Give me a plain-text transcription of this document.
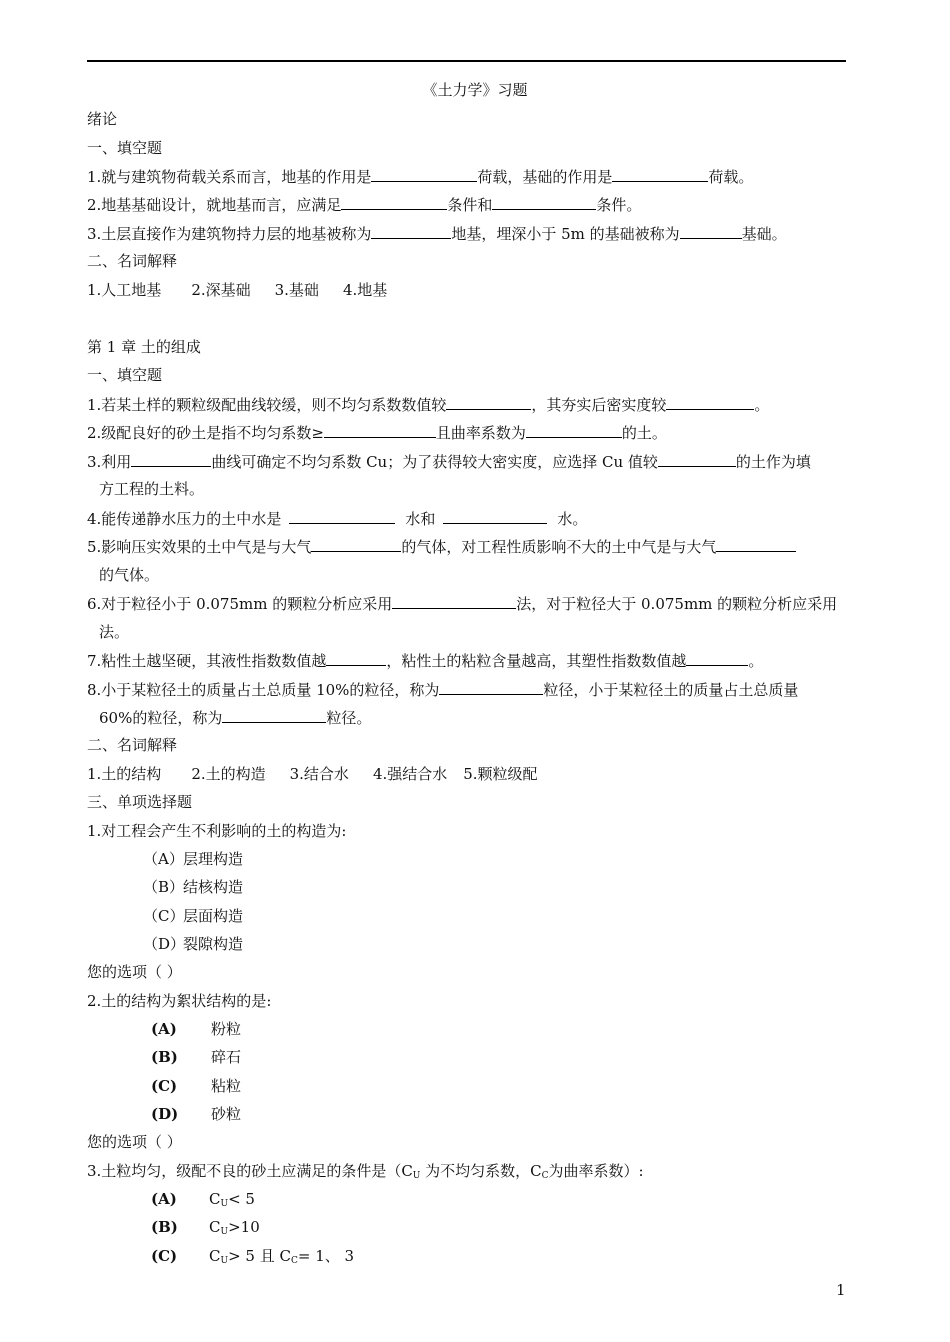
《土力学》习题
绪论
一、填空题
1.就与建筑物荷载关系而言，地基的作用是	荷载，基础的作用是	荷载。
2.地基基础设计，就地基而言，应满足	条件和	条件。
3.土层直接作为建筑物持力层的地基被称为	地基，埋深小于 5m 的基础被称为	基础。
二、名词解释
1.人工地基 2.深基础 3.基础 4.地基
第 1 章 土的组成
一、填空题
1.若某土样的颗粒级配曲线较缓，则不均匀系数数值较	，其夯实后密实度较	。
2.级配良好的砂土是指不均匀系数≥	且曲率系数为	的土。
3.利用	曲线可确定不均匀系数 Cu；为了获得较大密实度，应选择 Cu 值较	的土作为填
方工程的土料。
4.能传递静水压力的土中水是	水和	水。
5.影响压实效果的土中气是与大气	的气体，对工程性质影响不大的土中气是与大气
的气体。
6.对于粒径小于 0.075mm 的颗粒分析应采用	法，对于粒径大于 0.075mm 的颗粒分析应采用
法。
7.粘性土越坚硬，其液性指数数值越	，粘性土的粘粒含量越高，其塑性指数数值越	。
8.小于某粒径土的质量占土总质量 10%的粒径，称为	粒径，小于某粒径土的质量占土总质量
60%的粒径，称为	粒径。
二、名词解释
1.土的结构 2.土的构造 3.结合水 4.强结合水 5.颗粒级配
三、单项选择题
1.对工程会产生不利影响的土的构造为:
（A）层理构造
（B）结核构造
（C）层面构造
（D）裂隙构造
您的选项（ ）
2.土的结构为絮状结构的是:
(A) 粉粒
(B) 碎石
(C) 粘粒
(D) 砂粒
您的选项（ ）
3.土粒均匀，级配不良的砂土应满足的条件是（$C_U$ 为不均匀系数，$C_C$为曲率系数）:
(A) $C_U< 5$
(B) $C_U>10$
(C) $C_U> 5$ 且 $C_C= 1$、 3
1
